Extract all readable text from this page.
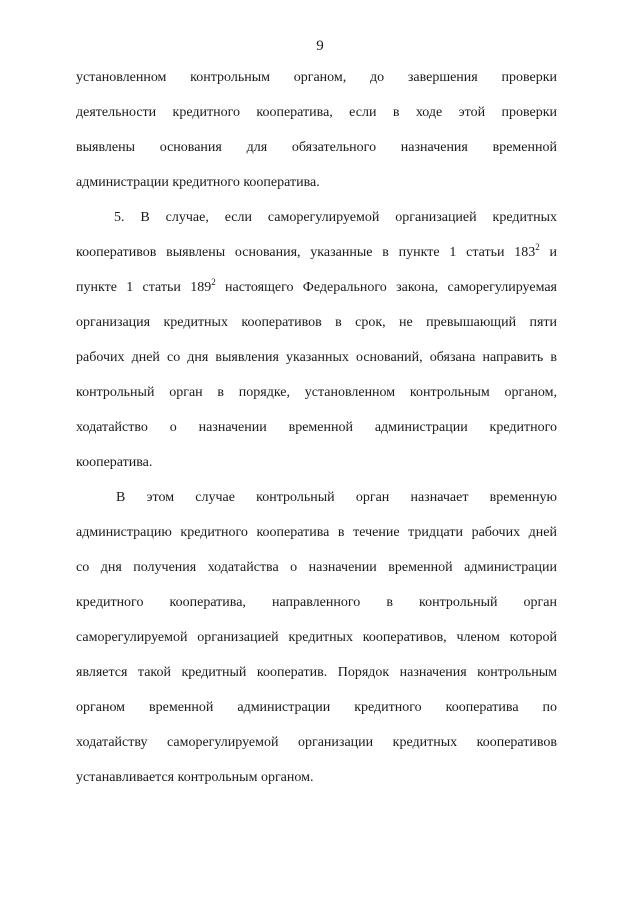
9
установленном контрольным органом, до завершения проверки
деятельности кредитного кооператива, если в ходе этой проверки
выявлены основания для обязательного назначения временной
администрации кредитного кооператива.
5. В случае, если саморегулируемой организацией кредитных
кооперативов выявлены основания, указанные в пункте 1 статьи $183^2$ и
пункте 1 статьи $189^2$ настоящего Федерального закона, саморегулируемая
организация кредитных кооперативов в срок, не превышающий пяти
рабочих дней со дня выявления указанных оснований, обязана направить в
контрольный орган в порядке, установленном контрольным органом,
ходатайство о назначении временной администрации кредитного
кооператива.
В этом случае контрольный орган назначает временную
администрацию кредитного кооператива в течение тридцати рабочих дней
со дня получения ходатайства о назначении временной администрации
кредитного кооператива, направленного в контрольный орган
саморегулируемой организацией кредитных кооперативов, членом которой
является такой кредитный кооператив. Порядок назначения контрольным
органом временной администрации кредитного кооператива по
ходатайству саморегулируемой организации кредитных кооперативов
устанавливается контрольным органом.
